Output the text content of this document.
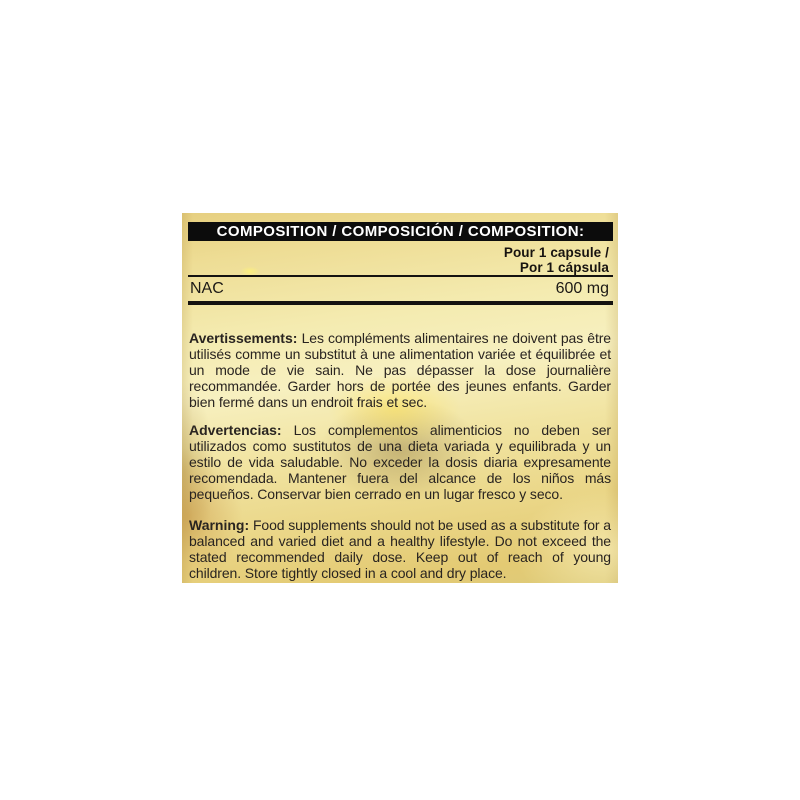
COMPOSITION / COMPOSICIÓN / COMPOSITION:
Pour 1 capsule /
Por 1 cápsula
NAC	600 mg

Avertissements: Les compléments alimentaires ne doivent pas être utilisés comme un substitut à une alimentation variée et équilibrée et un mode de vie sain. Ne pas dépasser la dose journalière recommandée. Garder hors de portée des jeunes enfants. Garder bien fermé dans un endroit frais et sec.

Advertencias: Los complementos alimenticios no deben ser utilizados como sustitutos de una dieta variada y equilibrada y un estilo de vida saludable. No exceder la dosis diaria expresamente recomendada. Mantener fuera del alcance de los niños más pequeños. Conservar bien cerrado en un lugar fresco y seco.

Warning: Food supplements should not be used as a substitute for a balanced and varied diet and a healthy lifestyle. Do not exceed the stated recommended daily dose. Keep out of reach of young children. Store tightly closed in a cool and dry place.
